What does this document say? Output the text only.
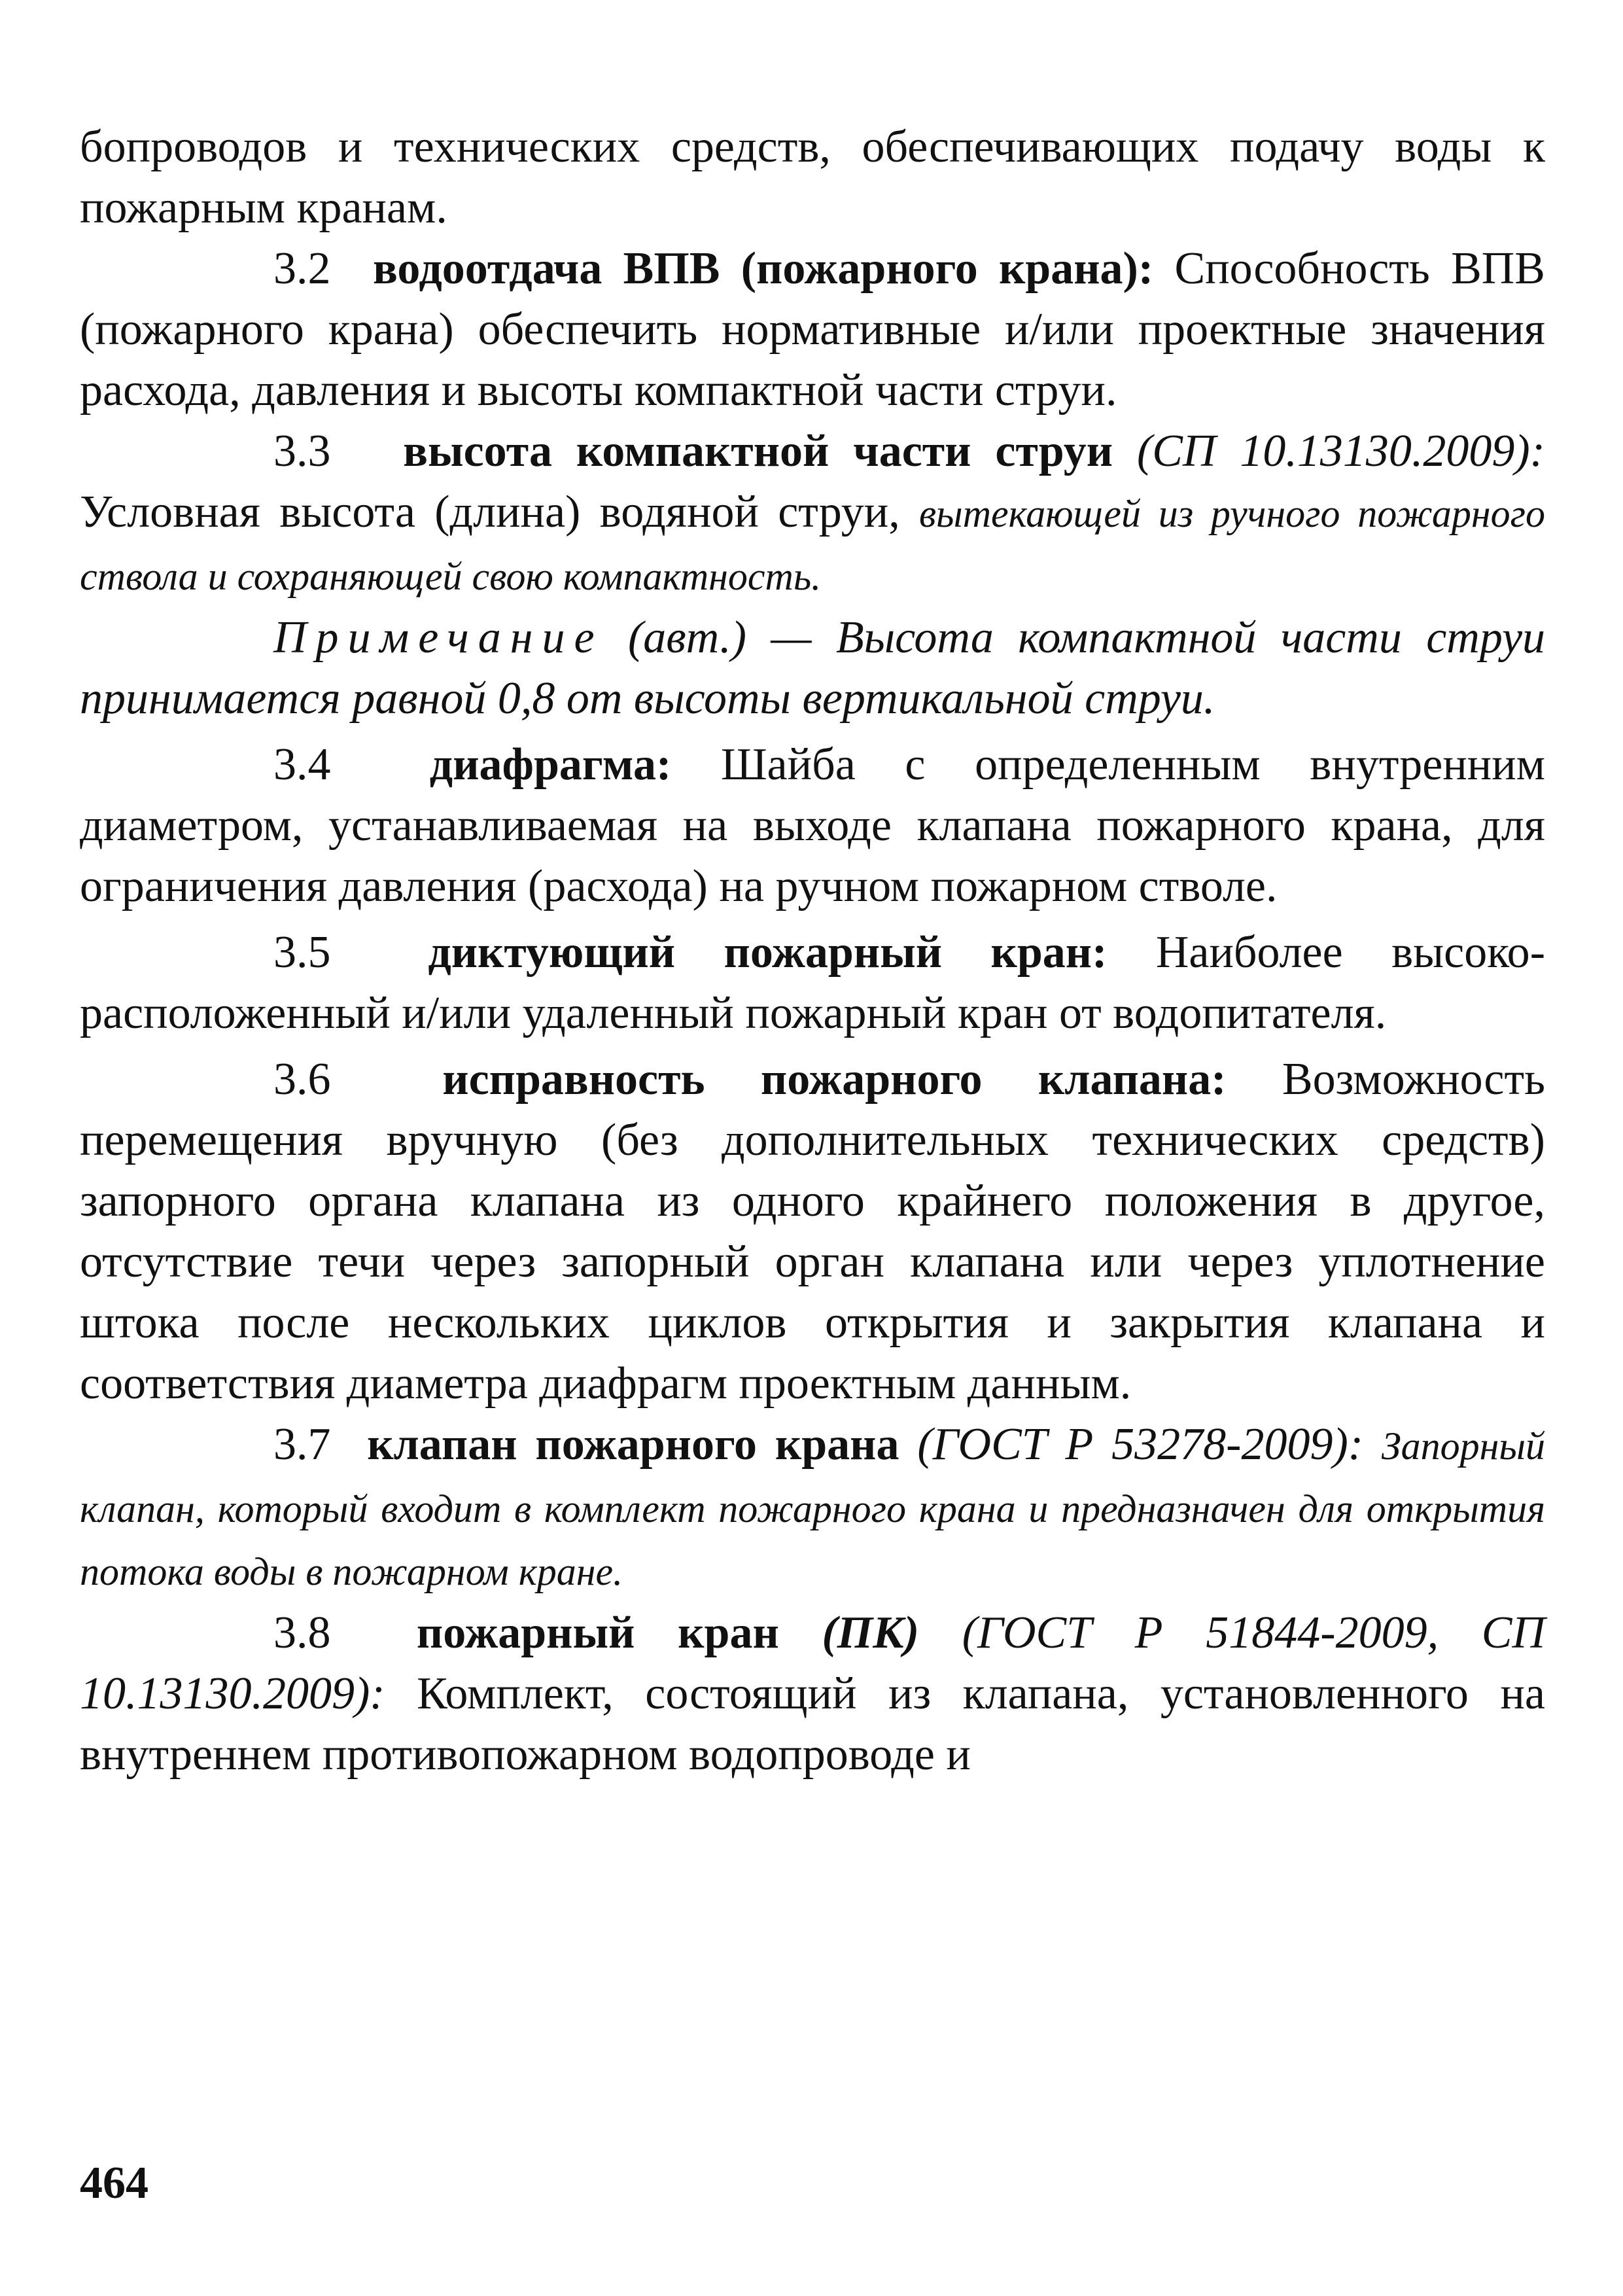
бопроводов и технических средств, обеспечивающих подачу воды к пожарным кранам.

3.2 водоотдача ВПВ (пожарного крана): Способность ВПВ (пожарного крана) обеспечить нормативные и/или проектные значения расхода, давления и высоты компактной части струи.

3.3 высота компактной части струи (СП 10.13130.2009): Условная высота (длина) водяной струи, вытекающей из ручного пожарного ствола и сохраняющей свою компактность.

Примечание (авт.) — Высота компактной части струи принимается равной 0,8 от высоты вертикальной струи.

3.4 диафрагма: Шайба с определенным внутренним диаметром, устанавливаемая на выходе клапана пожарного крана, для ограничения давления (расхода) на ручном пожарном стволе.

3.5 диктующий пожарный кран: Наиболее высокорасположенный и/или удаленный пожарный кран от водопитателя.

3.6 исправность пожарного клапана: Возможность перемещения вручную (без дополнительных технических средств) запорного органа клапана из одного крайнего положения в другое, отсутствие течи через запорный орган клапана или через уплотнение штока после нескольких циклов открытия и закрытия клапана и соответствия диаметра диафрагм проектным данным.

3.7 клапан пожарного крана (ГОСТ Р 53278-2009): Запорный клапан, который входит в комплект пожарного крана и предназначен для открытия потока воды в пожарном кране.

3.8 пожарный кран (ПК) (ГОСТ Р 51844-2009, СП 10.13130.2009): Комплект, состоящий из клапана, установленного на внутреннем противопожарном водопроводе и

464
